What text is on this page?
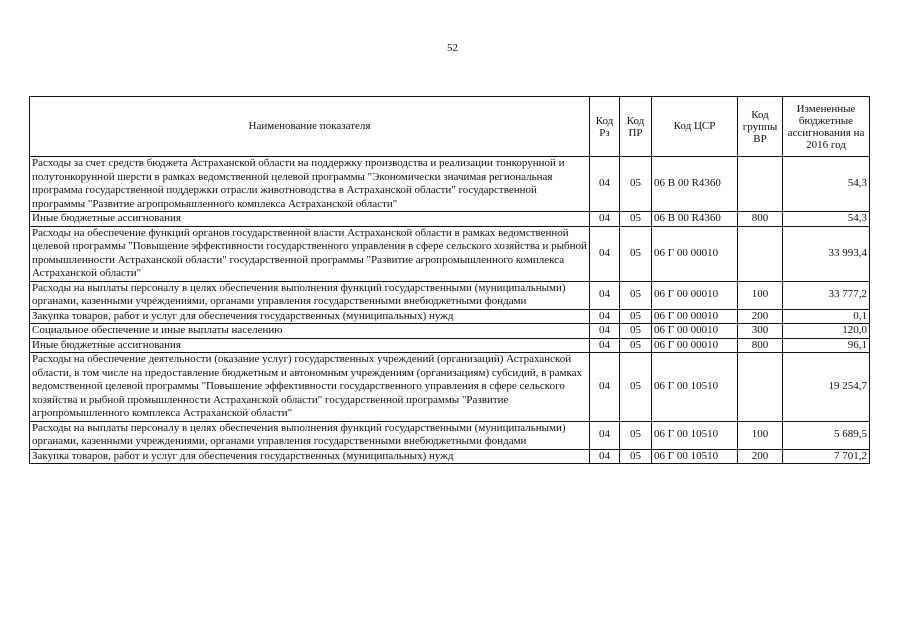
52
Наименование показателя	Код Рз	Код ПР	Код ЦСР	Код группы ВР	Измененные бюджетные ассигнования на 2016 год
Расходы за счет средств бюджета Астраханской области на поддержку производства и реализации тонкорунной и полутонкорунной шерсти в рамках ведомственной целевой программы "Экономически значимая региональная программа государственной поддержки отрасли животноводства в Астраханской области" государственной программы "Развитие агропромышленного комплекса Астраханской области"	04	05	06 В 00 R4360		54,3
Иные бюджетные ассигнования	04	05	06 В 00 R4360	800	54,3
Расходы на обеспечение функций органов государственной власти Астраханской области в рамках ведомственной целевой программы "Повышение эффективности государственного управления в сфере сельского хозяйства и рыбной промышленности Астраханской области" государственной программы "Развитие агропромышленного комплекса Астраханской области"	04	05	06 Г 00 00010		33 993,4
Расходы на выплаты персоналу в целях обеспечения выполнения функций государственными (муниципальными) органами, казенными учреждениями, органами управления государственными внебюджетными фондами	04	05	06 Г 00 00010	100	33 777,2
Закупка товаров, работ и услуг для обеспечения государственных (муниципальных) нужд	04	05	06 Г 00 00010	200	0,1
Социальное обеспечение и иные выплаты населению	04	05	06 Г 00 00010	300	120,0
Иные бюджетные ассигнования	04	05	06 Г 00 00010	800	96,1
Расходы на обеспечение деятельности (оказание услуг) государственных учреждений (организаций) Астраханской области, в том числе на предоставление бюджетным и автономным учреждениям (организациям) субсидий, в рамках ведомственной целевой программы "Повышение эффективности государственного управления в сфере сельского хозяйства и рыбной промышленности Астраханской области" государственной программы "Развитие агропромышленного комплекса Астраханской области"	04	05	06 Г 00 10510		19 254,7
Расходы на выплаты персоналу в целях обеспечения выполнения функций государственными (муниципальными) органами, казенными учреждениями, органами управления государственными внебюджетными фондами	04	05	06 Г 00 10510	100	5 689,5
Закупка товаров, работ и услуг для обеспечения государственных (муниципальных) нужд	04	05	06 Г 00 10510	200	7 701,2
